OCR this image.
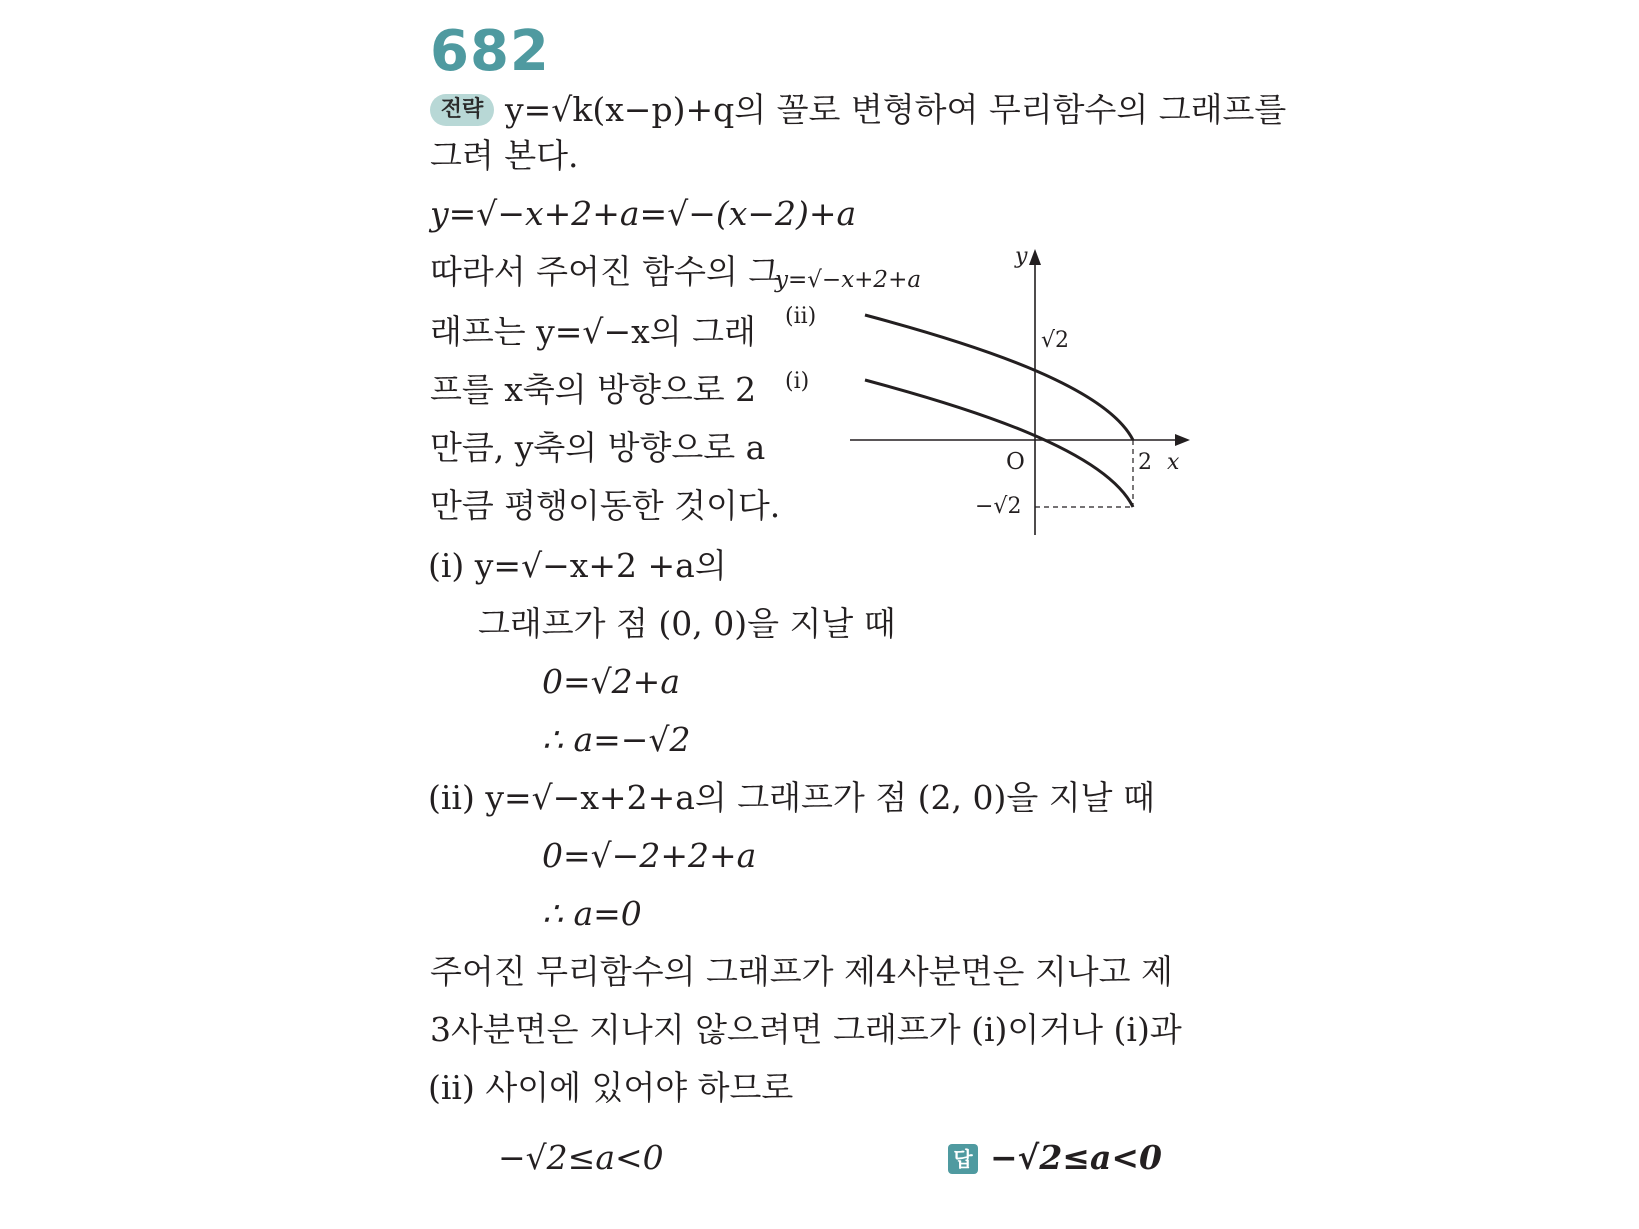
682
전략 y=√k(x−p)+q의 꼴로 변형하여 무리함수의 그래프를
그려 본다.
y=√−x+2+a=√−(x−2)+a
따라서 주어진 함수의 그
래프는 y=√−x의 그래
프를 x축의 방향으로 2
만큼, y축의 방향으로 a
만큼 평행이동한 것이다.
y=√−x+2+a
(ii)
(i)
y
x
O	2
√2
−√2
(i) y=√−x+2 +a의
그래프가 점 (0, 0)을 지날 때
0=√2+a
∴ a=−√2
(ii) y=√−x+2+a의 그래프가 점 (2, 0)을 지날 때
0=√−2+2+a
∴ a=0
주어진 무리함수의 그래프가 제4사분면은 지나고 제
3사분면은 지나지 않으려면 그래프가 (i)이거나 (i)과
(ii) 사이에 있어야 하므로
−√2≤a<0	답 −√2≤a<0
